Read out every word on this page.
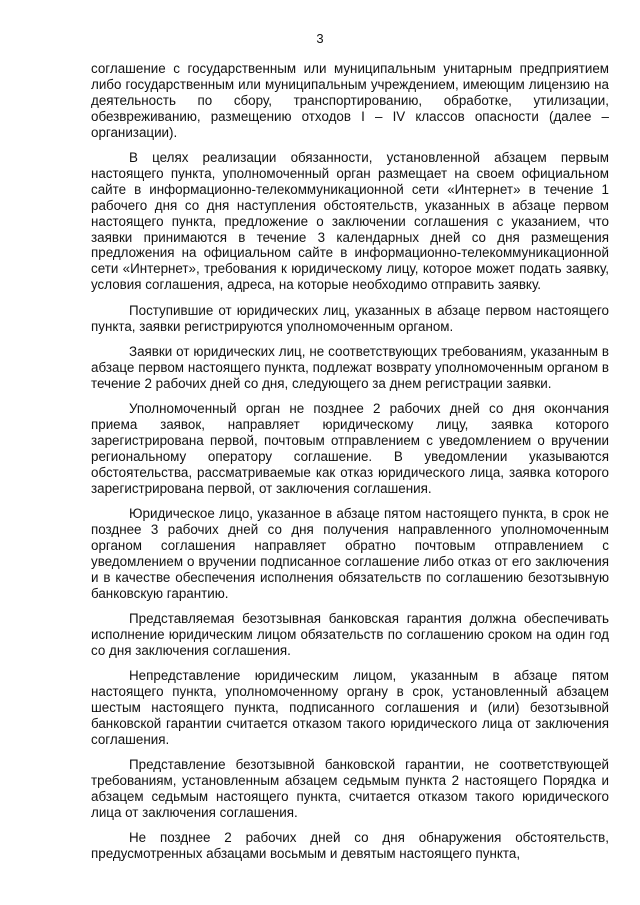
3

соглашение с государственным или муниципальным унитарным предприятием либо государственным или муниципальным учреждением, имеющим лицензию на деятельность по сбору, транспортированию, обработке, утилизации, обезвреживанию, размещению отходов I – IV классов опасности (далее – организации).

В целях реализации обязанности, установленной абзацем первым настоящего пункта, уполномоченный орган размещает на своем официальном сайте в информационно-телекоммуникационной сети «Интернет» в течение 1 рабочего дня со дня наступления обстоятельств, указанных в абзаце первом настоящего пункта, предложение о заключении соглашения с указанием, что заявки принимаются в течение 3 календарных дней со дня размещения предложения на официальном сайте в информационно-телекоммуникационной сети «Интернет», требования к юридическому лицу, которое может подать заявку, условия соглашения, адреса, на которые необходимо отправить заявку.

Поступившие от юридических лиц, указанных в абзаце первом настоящего пункта, заявки регистрируются уполномоченным органом.

Заявки от юридических лиц, не соответствующих требованиям, указанным в абзаце первом настоящего пункта, подлежат возврату уполномоченным органом в течение 2 рабочих дней со дня, следующего за днем регистрации заявки.

Уполномоченный орган не позднее 2 рабочих дней со дня окончания приема заявок, направляет юридическому лицу, заявка которого зарегистрирована первой, почтовым отправлением с уведомлением о вручении региональному оператору соглашение. В уведомлении указываются обстоятельства, рассматриваемые как отказ юридического лица, заявка которого зарегистрирована первой, от заключения соглашения.

Юридическое лицо, указанное в абзаце пятом настоящего пункта, в срок не позднее 3 рабочих дней со дня получения направленного уполномоченным органом соглашения направляет обратно почтовым отправлением с уведомлением о вручении подписанное соглашение либо отказ от его заключения и в качестве обеспечения исполнения обязательств по соглашению безотзывную банковскую гарантию.

Представляемая безотзывная банковская гарантия должна обеспечивать исполнение юридическим лицом обязательств по соглашению сроком на один год со дня заключения соглашения.

Непредставление юридическим лицом, указанным в абзаце пятом настоящего пункта, уполномоченному органу в срок, установленный абзацем шестым настоящего пункта, подписанного соглашения и (или) безотзывной банковской гарантии считается отказом такого юридического лица от заключения соглашения.

Представление безотзывной банковской гарантии, не соответствующей требованиям, установленным абзацем седьмым пункта 2 настоящего Порядка и абзацем седьмым настоящего пункта, считается отказом такого юридического лица от заключения соглашения.

Не позднее 2 рабочих дней со дня обнаружения обстоятельств, предусмотренных абзацами восьмым и девятым настоящего пункта,
